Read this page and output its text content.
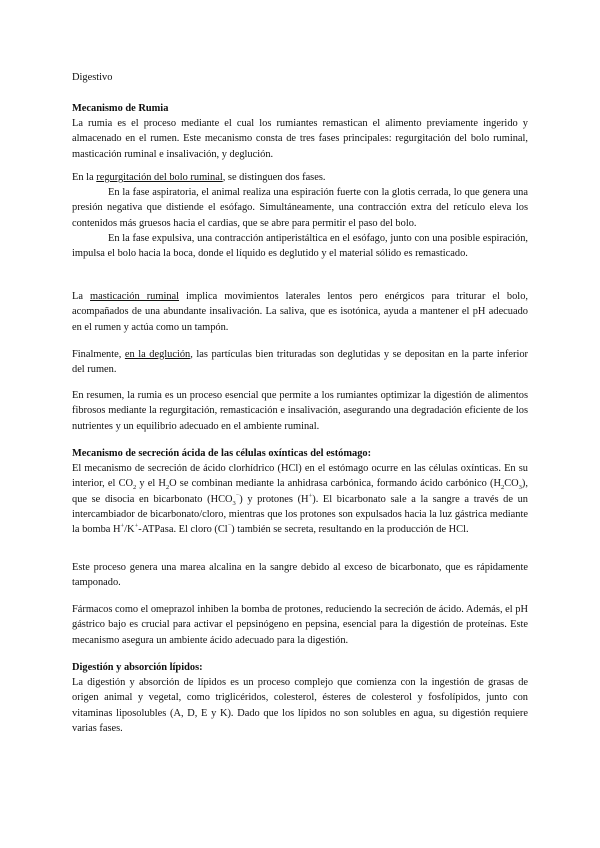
Digestivo

Mecanismo de Rumia

La rumia es el proceso mediante el cual los rumiantes remastican el alimento previamente ingerido y almacenado en el rumen. Este mecanismo consta de tres fases principales: regurgitación del bolo ruminal, masticación ruminal e insalivación, y deglución.

En la regurgitación del bolo ruminal, se distinguen dos fases.

En la fase aspiratoria, el animal realiza una espiración fuerte con la glotis cerrada, lo que genera una presión negativa que distiende el esófago. Simultáneamente, una contracción extra del retículo eleva los contenidos más gruesos hacia el cardias, que se abre para permitir el paso del bolo.

En la fase expulsiva, una contracción antiperistáltica en el esófago, junto con una posible espiración, impulsa el bolo hacia la boca, donde el líquido es deglutido y el material sólido es remasticado.

La masticación ruminal implica movimientos laterales lentos pero enérgicos para triturar el bolo, acompañados de una abundante insalivación. La saliva, que es isotónica, ayuda a mantener el pH adecuado en el rumen y actúa como un tampón.

Finalmente, en la deglución, las partículas bien trituradas son deglutidas y se depositan en la parte inferior del rumen.

En resumen, la rumia es un proceso esencial que permite a los rumiantes optimizar la digestión de alimentos fibrosos mediante la regurgitación, remasticación e insalivación, asegurando una degradación eficiente de los nutrientes y un equilibrio adecuado en el ambiente ruminal.

Mecanismo de secreción ácida de las células oxínticas del estómago:

El mecanismo de secreción de ácido clorhídrico (HCl) en el estómago ocurre en las células oxínticas. En su interior, el $CO_2$ y el $H_2O$ se combinan mediante la anhidrasa carbónica, formando ácido carbónico $(H_2CO_3)$, que se disocia en bicarbonato $(HCO_3^{^-})$ y protones (H+). El bicarbonato sale a la sangre a través de un intercambiador de bicarbonato/cloro, mientras que los protones son expulsados hacia la luz gástrica mediante la bomba H+/K+-ATPasa. El cloro (Cl⁻) también se secreta, resultando en la producción de HCl.

Este proceso genera una marea alcalina en la sangre debido al exceso de bicarbonato, que es rápidamente tamponado.

Fármacos como el omeprazol inhiben la bomba de protones, reduciendo la secreción de ácido. Además, el pH gástrico bajo es crucial para activar el pepsinógeno en pepsina, esencial para la digestión de proteínas. Este mecanismo asegura un ambiente ácido adecuado para la digestión.

Digestión y absorción lípidos:

La digestión y absorción de lípidos es un proceso complejo que comienza con la ingestión de grasas de origen animal y vegetal, como triglicéridos, colesterol, ésteres de colesterol y fosfolípidos, junto con vitaminas liposolubles (A, D, E y K). Dado que los lípidos no son solubles en agua, su digestión requiere varias fases.
